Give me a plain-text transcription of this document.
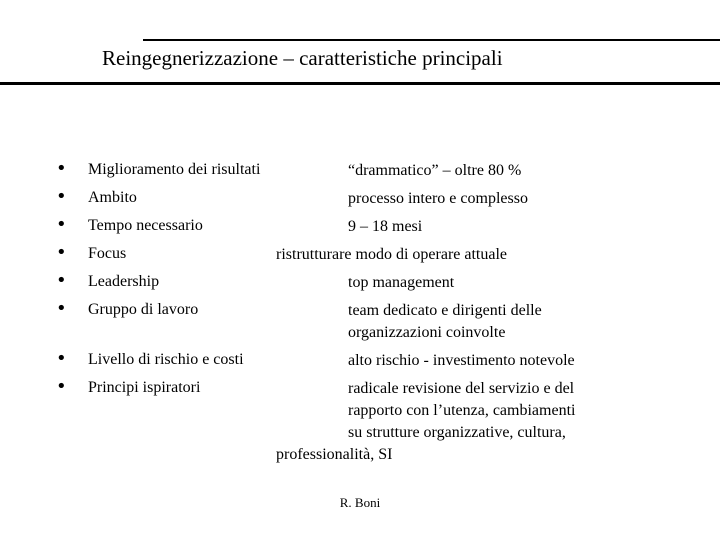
Reingegnerizzazione – caratteristiche principali
• Miglioramento dei risultati	“drammatico” – oltre 80 %
• Ambito	processo intero e complesso
• Tempo necessario	9 – 18 mesi
• Focus	ristrutturare modo di operare attuale
• Leadership	top management
• Gruppo di lavoro	team dedicato e dirigenti delle
organizzazioni coinvolte
• Livello di rischio e costi	alto rischio - investimento notevole
• Principi ispiratori	radicale revisione del servizio e del
rapporto con l’utenza, cambiamenti
su strutture organizzative, cultura,
professionalità, SI
R. Boni
